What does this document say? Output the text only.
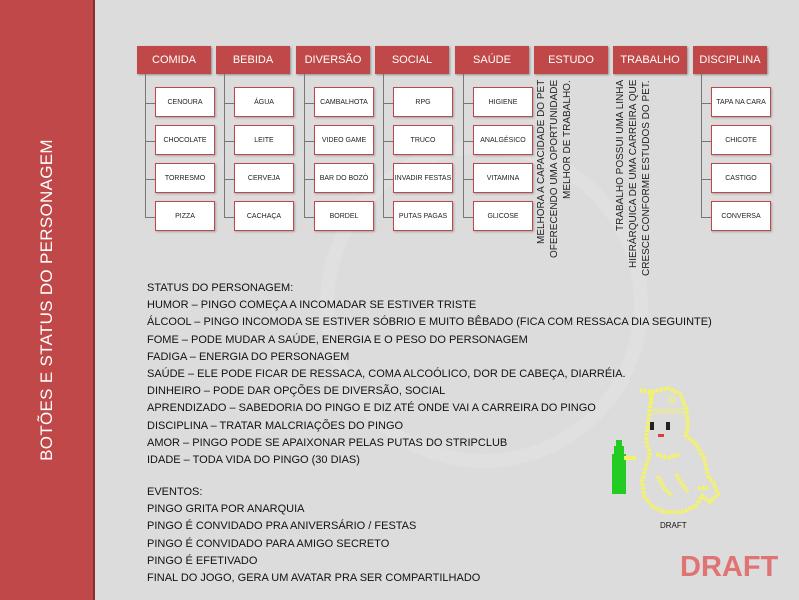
BOTÕES E STATUS DO PERSONAGEM
COMIDA
CENOURA
CHOCOLATE
TORRESMO
PIZZA
BEBIDA
ÁGUA
LEITE
CERVEJA
CACHAÇA
DIVERSÃO
CAMBALHOTA
VIDEO GAME
BAR DO BOZÓ
BORDEL
SOCIAL
RPG
TRUCO
INVADIR FESTAS
PUTAS PAGAS
SAÚDE
HIGIENE
ANALGÉSICO
VITAMINA
GLICOSE
ESTUDO
MELHORA A CAPACIDADE DO PET OFERECENDO UMA OPORTUNIDADE MELHOR DE TRABALHO.
TRABALHO
TRABALHO POSSUI UMA LINHA HIERÁRQUICA DE UMA CARREIRA QUE CRESCE CONFORME ESTUDOS DO PET.
DISCIPLINA
TAPA NA CARA
CHICOTE
CASTIGO
CONVERSA
STATUS DO PERSONAGEM:
HUMOR – PINGO COMEÇA A INCOMADAR SE ESTIVER TRISTE
ÁLCOOL – PINGO INCOMODA SE ESTIVER SÓBRIO E MUITO BÊBADO (FICA COM RESSACA DIA SEGUINTE)
FOME – PODE MUDAR A SAÚDE, ENERGIA E O PESO DO PERSONAGEM
FADIGA – ENERGIA DO PERSONAGEM
SAÚDE – ELE PODE FICAR DE RESSACA, COMA ALCOÓLICO, DOR DE CABEÇA, DIARRÉIA.
DINHEIRO – PODE DAR OPÇÕES DE DIVERSÃO, SOCIAL
APRENDIZADO – SABEDORIA DO PINGO E DIZ ATÉ ONDE VAI A CARREIRA DO PINGO
DISCIPLINA – TRATAR MALCRIAÇÕES DO PINGO
AMOR – PINGO PODE SE APAIXONAR PELAS PUTAS DO STRIPCLUB
IDADE – TODA VIDA DO PINGO (30 DIAS)
EVENTOS:
PINGO GRITA POR ANARQUIA
PINGO É CONVIDADO PRA ANIVERSÁRIO / FESTAS
PINGO É CONVIDADO PARA AMIGO SECRETO
PINGO É EFETIVADO
FINAL DO JOGO, GERA UM AVATAR PRA SER COMPARTILHADO
DRAFT
DRAFT
